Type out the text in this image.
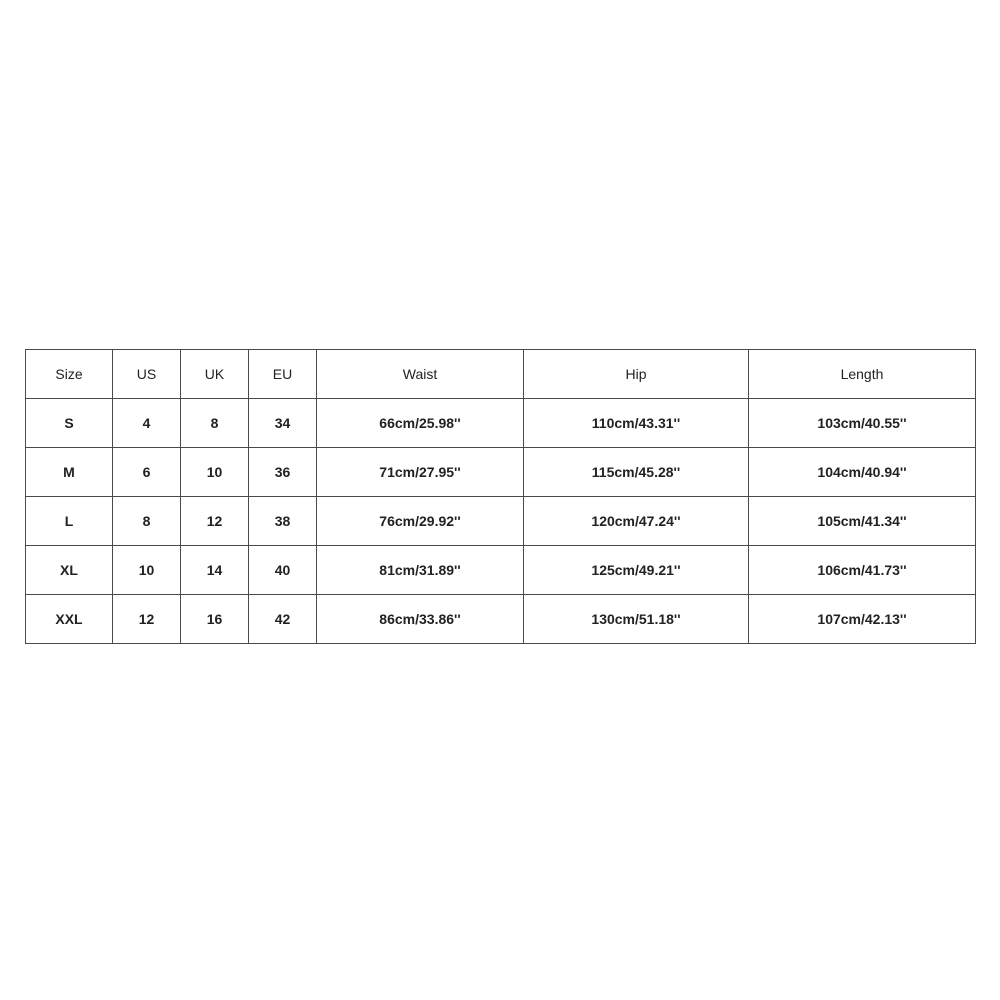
Size	US	UK	EU	Waist	Hip	Length
S	4	8	34	66cm/25.98''	110cm/43.31''	103cm/40.55''
M	6	10	36	71cm/27.95''	115cm/45.28''	104cm/40.94''
L	8	12	38	76cm/29.92''	120cm/47.24''	105cm/41.34''
XL	10	14	40	81cm/31.89''	125cm/49.21''	106cm/41.73''
XXL	12	16	42	86cm/33.86''	130cm/51.18''	107cm/42.13''
